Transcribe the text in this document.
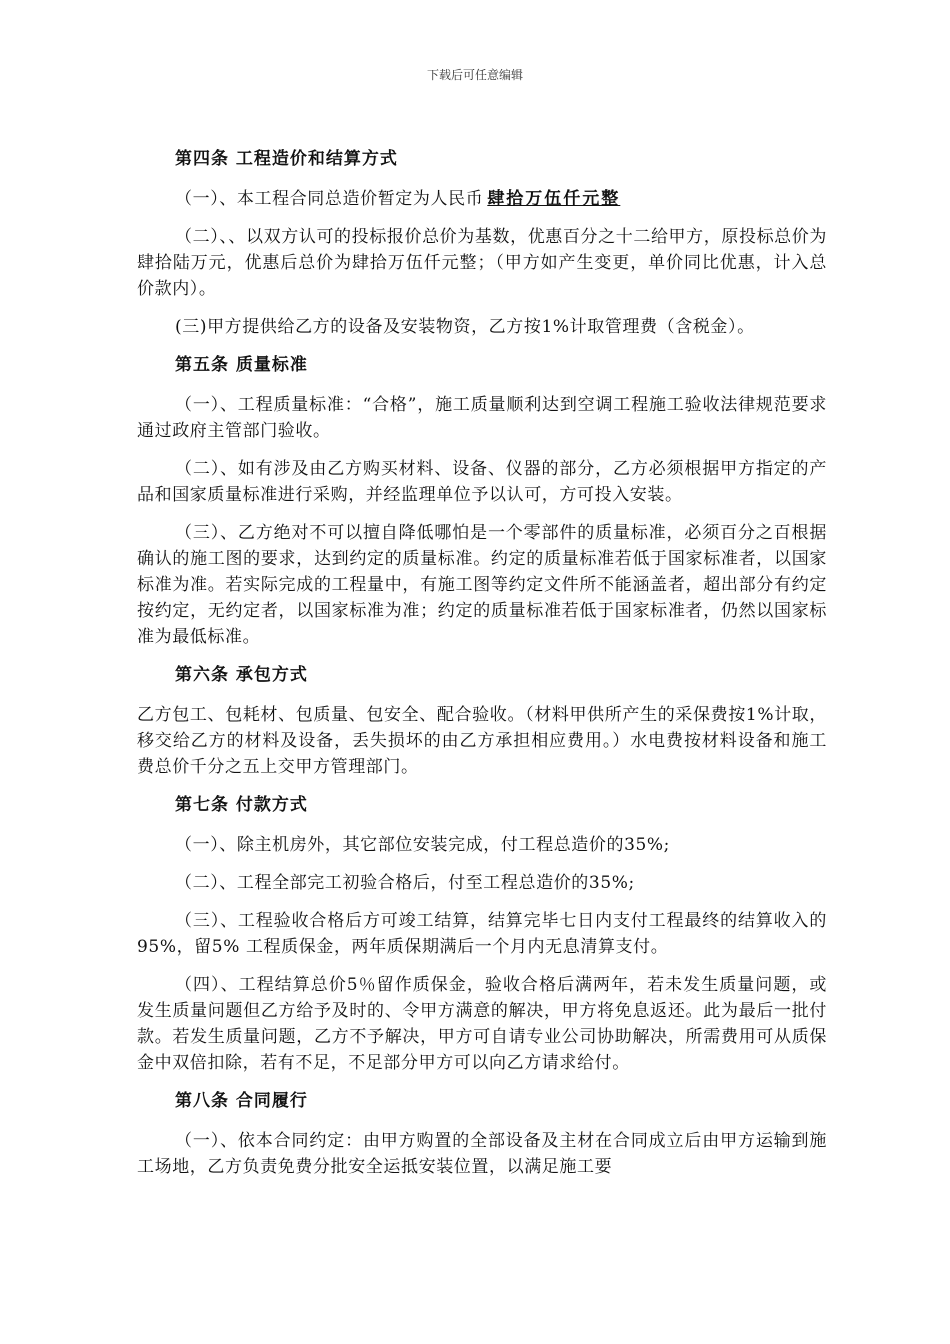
下载后可任意编辑
第四条 工程造价和结算方式

（一）、本工程合同总造价暂定为人民币 肆拾万伍仟元整

（二）、、以双方认可的投标报价总价为基数，优惠百分之十二给甲方，原投标总价为肆拾陆万元，优惠后总价为肆拾万伍仟元整；（甲方如产生变更，单价同比优惠，计入总价款内）。

(三)甲方提供给乙方的设备及安装物资，乙方按1%计取管理费（含税金）。

第五条 质量标准

（一）、工程质量标准：“合格”，施工质量顺利达到空调工程施工验收法律规范要求通过政府主管部门验收。

（二）、如有涉及由乙方购买材料、设备、仪器的部分，乙方必须根据甲方指定的产品和国家质量标准进行采购，并经监理单位予以认可，方可投入安装。

（三）、乙方绝对不可以擅自降低哪怕是一个零部件的质量标准，必须百分之百根据确认的施工图的要求，达到约定的质量标准。约定的质量标准若低于国家标准者，以国家标准为准。若实际完成的工程量中，有施工图等约定文件所不能涵盖者，超出部分有约定按约定，无约定者，以国家标准为准；约定的质量标准若低于国家标准者，仍然以国家标准为最低标准。

第六条 承包方式

乙方包工、包耗材、包质量、包安全、配合验收。（材料甲供所产生的采保费按1%计取，移交给乙方的材料及设备，丢失损坏的由乙方承担相应费用。）水电费按材料设备和施工费总价千分之五上交甲方管理部门。

第七条 付款方式

（一）、除主机房外，其它部位安装完成，付工程总造价的35%;

（二）、工程全部完工初验合格后，付至工程总造价的35%;

（三）、工程验收合格后方可竣工结算，结算完毕七日内支付工程最终的结算收入的95%，留5% 工程质保金，两年质保期满后一个月内无息清算支付。

（四）、工程结算总价5％留作质保金，验收合格后满两年，若未发生质量问题，或发生质量问题但乙方给予及时的、令甲方满意的解决，甲方将免息返还。此为最后一批付款。若发生质量问题，乙方不予解决，甲方可自请专业公司协助解决，所需费用可从质保金中双倍扣除，若有不足，不足部分甲方可以向乙方请求给付。

第八条 合同履行

（一）、依本合同约定：由甲方购置的全部设备及主材在合同成立后由甲方运输到施工场地，乙方负责免费分批安全运抵安装位置，以满足施工要
